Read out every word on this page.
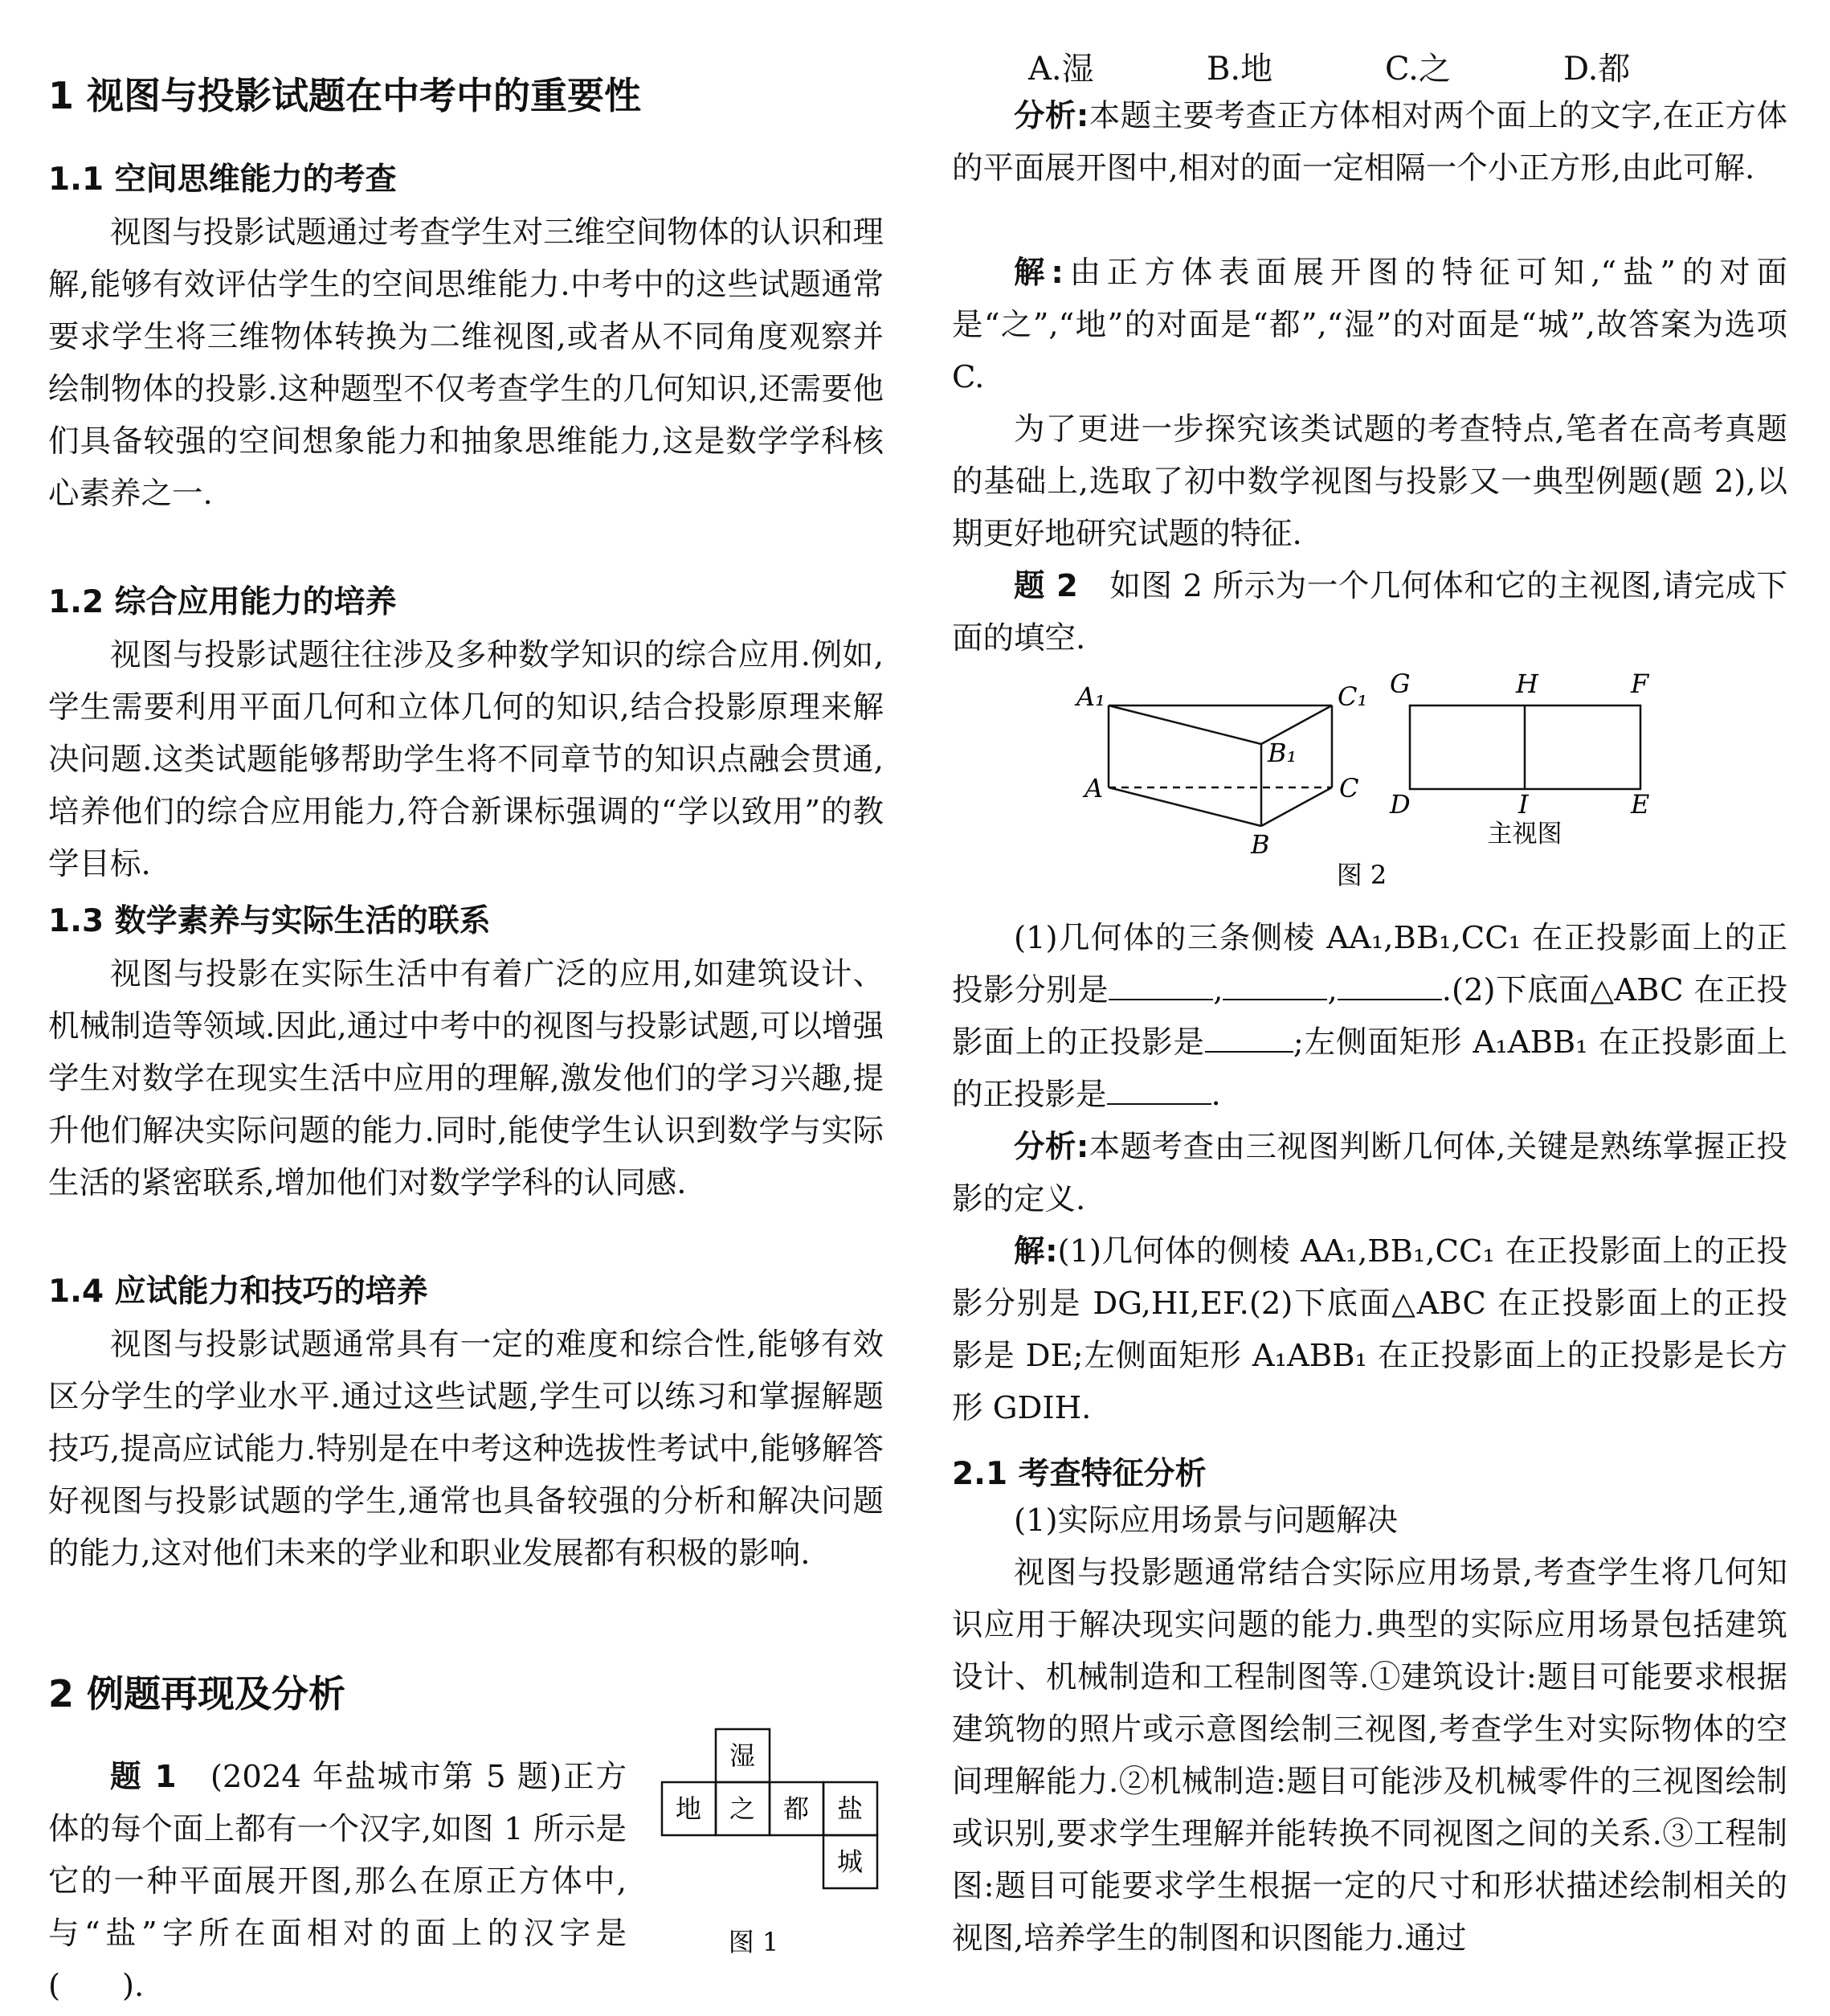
1 视图与投影试题在中考中的重要性
1.1 空间思维能力的考查
视图与投影试题通过考查学生对三维空间物体的认识和理解,能够有效评估学生的空间思维能力.中考中的这些试题通常要求学生将三维物体转换为二维视图,或者从不同角度观察并绘制物体的投影.这种题型不仅考查学生的几何知识,还需要他们具备较强的空间想象能力和抽象思维能力,这是数学学科核心素养之一.
1.2 综合应用能力的培养
视图与投影试题往往涉及多种数学知识的综合应用.例如,学生需要利用平面几何和立体几何的知识,结合投影原理来解决问题.这类试题能够帮助学生将不同章节的知识点融会贯通,培养他们的综合应用能力,符合新课标强调的“学以致用”的教学目标.
1.3 数学素养与实际生活的联系
视图与投影在实际生活中有着广泛的应用,如建筑设计、机械制造等领域.因此,通过中考中的视图与投影试题,可以增强学生对数学在现实生活中应用的理解,激发他们的学习兴趣,提升他们解决实际问题的能力.同时,能使学生认识到数学与实际生活的紧密联系,增加他们对数学学科的认同感.
1.4 应试能力和技巧的培养
视图与投影试题通常具有一定的难度和综合性,能够有效区分学生的学业水平.通过这些试题,学生可以练习和掌握解题技巧,提高应试能力.特别是在中考这种选拔性考试中,能够解答好视图与投影试题的学生,通常也具备较强的分析和解决问题的能力,这对他们未来的学业和职业发展都有积极的影响.
2 例题再现及分析
题 1　 (2024 年盐城市第 5 题)正方体的每个面上都有一个汉字,如图 1 所示是它的一种平面展开图,那么在原正方体中,与“盐”字所在面相对的面上的汉字是(　　).
湿
地 之 都 盐
城
图 1
A.湿	B.地	C.之	D.都
分析:本题主要考查正方体相对两个面上的文字,在正方体的平面展开图中,相对的面一定相隔一个小正方形,由此可解.
解:由正方体表面展开图的特征可知,“盐”的对面是“之”,“地”的对面是“都”,“湿”的对面是“城”,故答案为选项 C.
为了更进一步探究该类试题的考查特点,笔者在高考真题的基础上,选取了初中数学视图与投影又一典型例题(题 2),以期更好地研究试题的特征.
题 2　 如图 2 所示为一个几何体和它的主视图,请完成下面的填空.
A₁	C₁
B₁
A	C
B
G	H	F
D	I	E
主视图
图 2
(1)几何体的三条侧棱 AA₁,BB₁,CC₁ 在正投影面上的正投影分别是	,	,	.(2)下底面△ABC 在正投影面上的正投影是	;左侧面矩形 A₁ABB₁ 在正投影面上的正投影是	.
分析:本题考查由三视图判断几何体,关键是熟练掌握正投影的定义.
解:(1)几何体的侧棱 AA₁,BB₁,CC₁ 在正投影面上的正投影分别是 DG,HI,EF.(2)下底面△ABC 在正投影面上的正投影是 DE;左侧面矩形 A₁ABB₁ 在正投影面上的正投影是长方形 GDIH.
2.1 考查特征分析
(1)实际应用场景与问题解决
视图与投影题通常结合实际应用场景,考查学生将几何知识应用于解决现实问题的能力.典型的实际应用场景包括建筑设计、机械制造和工程制图等.①建筑设计:题目可能要求根据建筑物的照片或示意图绘制三视图,考查学生对实际物体的空间理解能力.②机械制造:题目可能涉及机械零件的三视图绘制或识别,要求学生理解并能转换不同视图之间的关系.③工程制图:题目可能要求学生根据一定的尺寸和形状描述绘制相关的视图,培养学生的制图和识图能力.通过
